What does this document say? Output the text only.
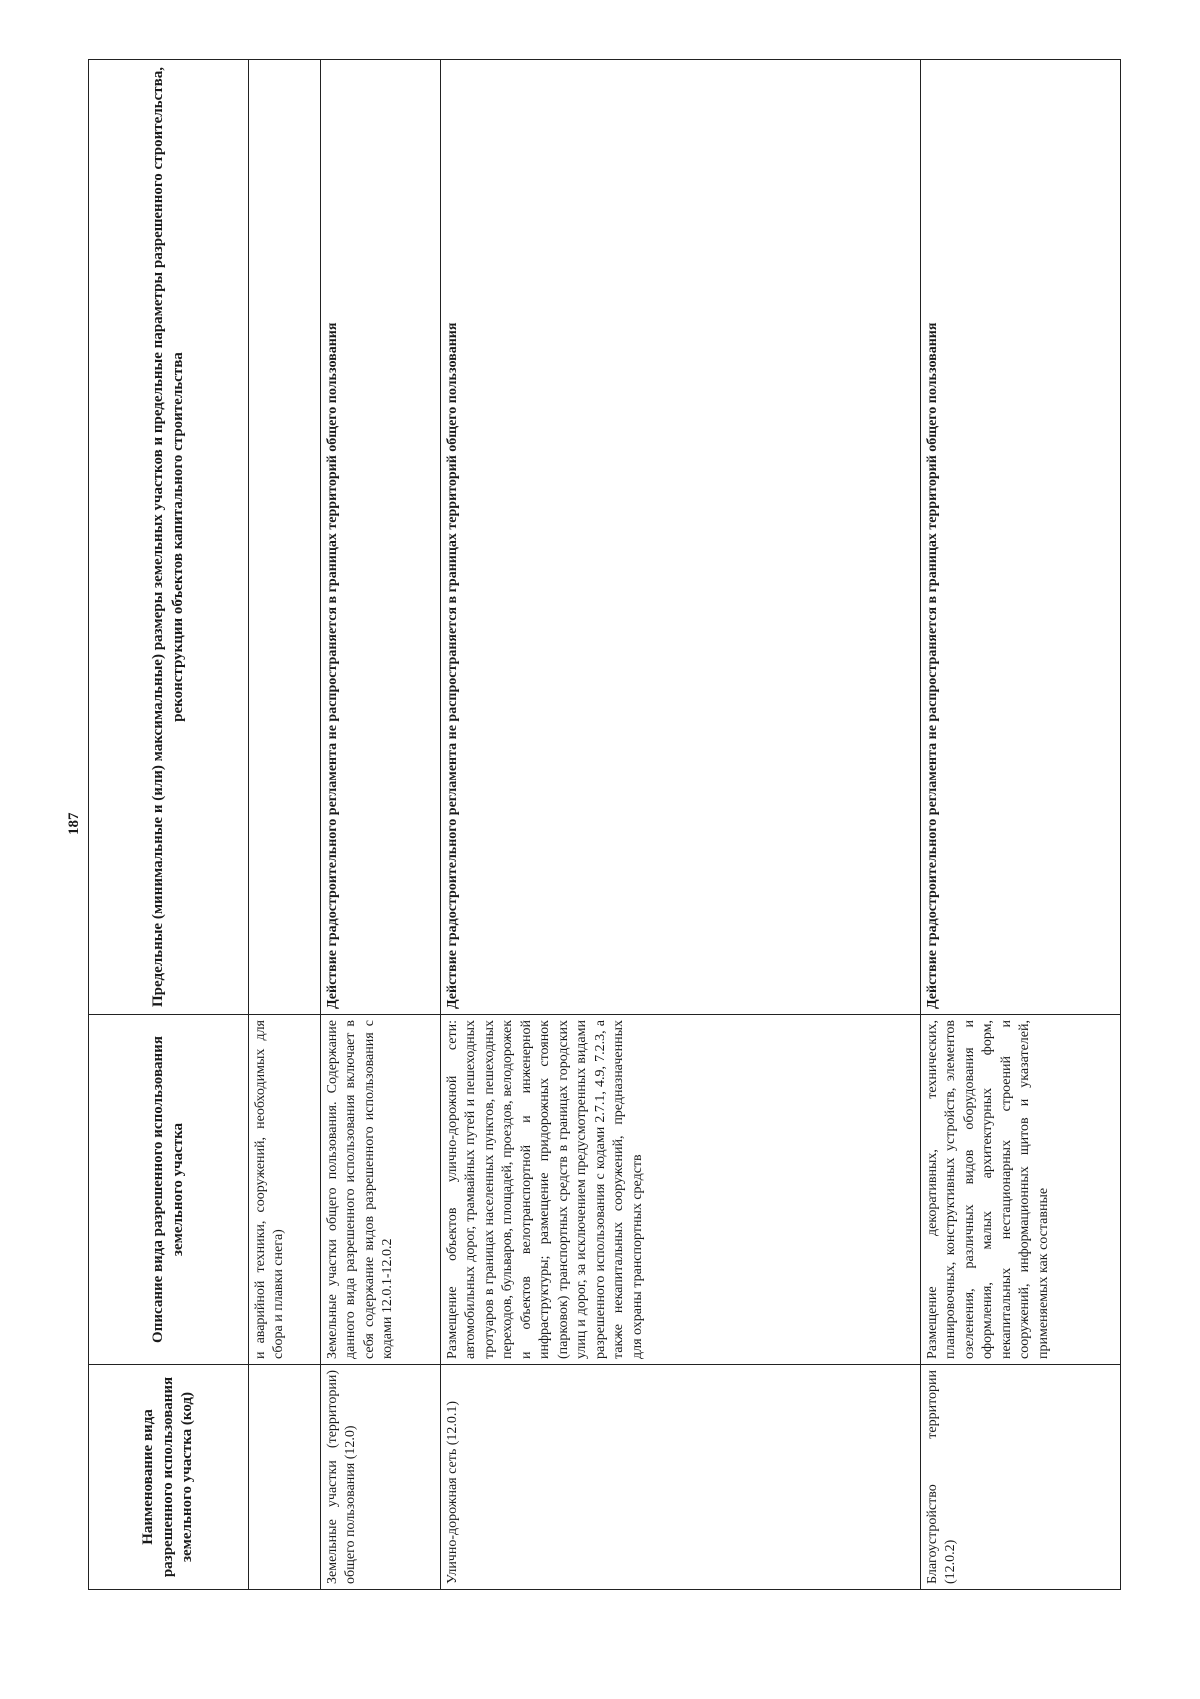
187
Наименование вида разрешенного использования земельного участка (код)	Описание вида разрешенного использования земельного участка	Предельные (минимальные и (или) максимальные) размеры земельных участков и предельные параметры разрешенного строительства, реконструкции объектов капитального строительства
	и аварийной техники, сооружений, необходимых для сбора и плавки снега)	
Земельные участки (территории) общего пользования (12.0)	Земельные участки общего пользования. Содержание данного вида разрешенного использования включает в себя содержание видов разрешенного использования с кодами 12.0.1-12.0.2	Действие градостроительного регламента не распространяется в границах территорий общего пользования
Улично-дорожная сеть (12.0.1)	Размещение объектов улично-дорожной сети: автомобильных дорог, трамвайных путей и пешеходных тротуаров в границах населенных пунктов, пешеходных переходов, бульваров, площадей, проездов, велодорожек и объектов велотранспортной и инженерной инфраструктуры; размещение придорожных стоянок (парковок) транспортных средств в границах городских улиц и дорог, за исключением предусмотренных видами разрешенного использования с кодами 2.7.1, 4.9, 7.2.3, а также некапитальных сооружений, предназначенных для охраны транспортных средств	Действие градостроительного регламента не распространяется в границах территорий общего пользования
Благоустройство территории (12.0.2)	Размещение декоративных, технических, планировочных, конструктивных устройств, элементов озеленения, различных видов оборудования и оформления, малых архитектурных форм, некапитальных нестационарных строений и сооружений, информационных щитов и указателей, применяемых как составные	Действие градостроительного регламента не распространяется в границах территорий общего пользования
